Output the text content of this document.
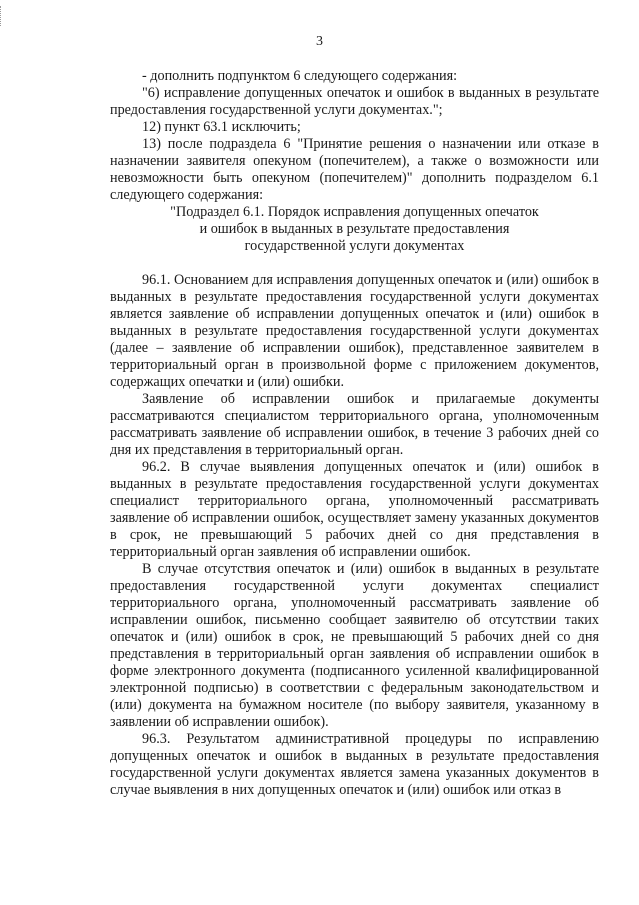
3

- дополнить подпунктом 6 следующего содержания:

"6) исправление допущенных опечаток и ошибок в выданных в результате предоставления государственной услуги документах.";

12) пункт 63.1 исключить;

13) после подраздела 6 "Принятие решения о назначении или отказе в назначении заявителя опекуном (попечителем), а также о возможности или невозможности быть опекуном (попечителем)" дополнить подразделом 6.1 следующего содержания:

"Подраздел 6.1. Порядок исправления допущенных опечаток
и ошибок в выданных в результате предоставления
государственной услуги документах

96.1. Основанием для исправления допущенных опечаток и (или) ошибок в выданных в результате предоставления государственной услуги документах является заявление об исправлении допущенных опечаток и (или) ошибок в выданных в результате предоставления государственной услуги документах (далее – заявление об исправлении ошибок), представленное заявителем в территориальный орган в произвольной форме с приложением документов, содержащих опечатки и (или) ошибки.

Заявление об исправлении ошибок и прилагаемые документы рассматриваются специалистом территориального органа, уполномоченным рассматривать заявление об исправлении ошибок, в течение 3 рабочих дней со дня их представления в территориальный орган.

96.2. В случае выявления допущенных опечаток и (или) ошибок в выданных в результате предоставления государственной услуги документах специалист территориального органа, уполномоченный рассматривать заявление об исправлении ошибок, осуществляет замену указанных документов в срок, не превышающий 5 рабочих дней со дня представления в территориальный орган заявления об исправлении ошибок.

В случае отсутствия опечаток и (или) ошибок в выданных в результате предоставления государственной услуги документах специалист территориального органа, уполномоченный рассматривать заявление об исправлении ошибок, письменно сообщает заявителю об отсутствии таких опечаток и (или) ошибок в срок, не превышающий 5 рабочих дней со дня представления в территориальный орган заявления об исправлении ошибок в форме электронного документа (подписанного усиленной квалифицированной электронной подписью) в соответствии с федеральным законодательством и (или) документа на бумажном носителе (по выбору заявителя, указанному в заявлении об исправлении ошибок).

96.3. Результатом административной процедуры по исправлению допущенных опечаток и ошибок в выданных в результате предоставления государственной услуги документах является замена указанных документов в случае выявления в них допущенных опечаток и (или) ошибок или отказ в
